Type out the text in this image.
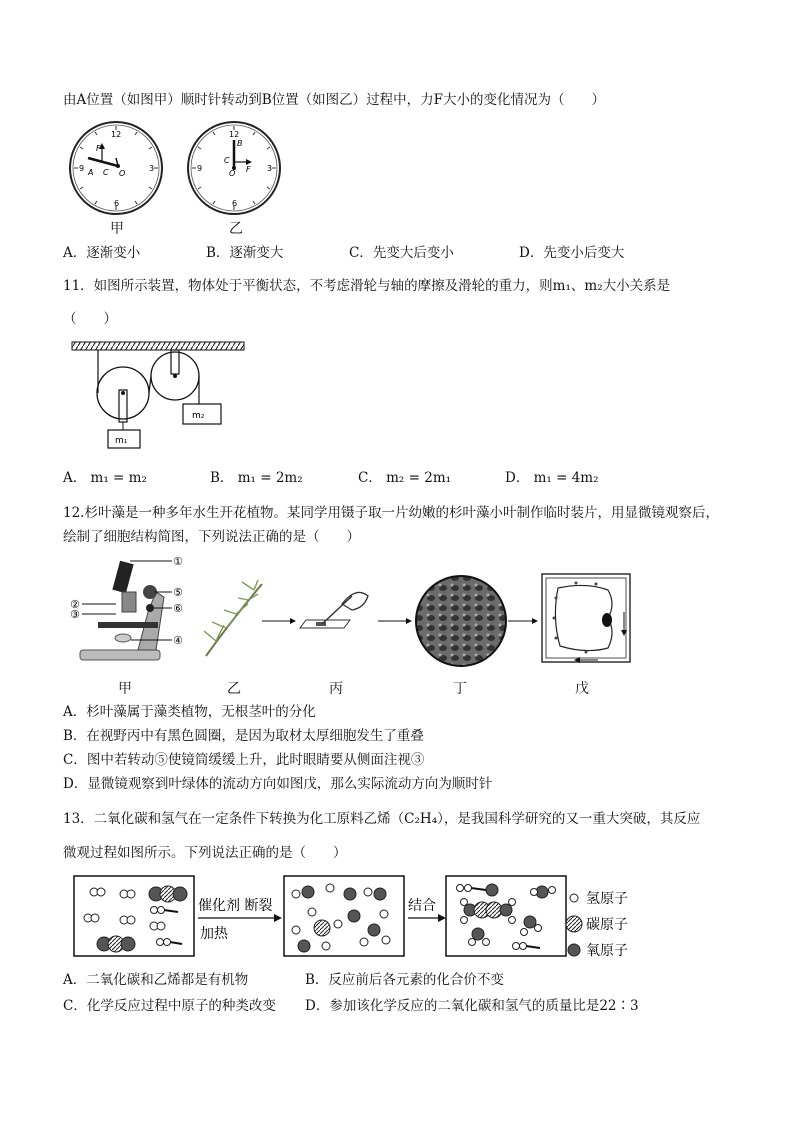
由A位置（如图甲）顺时针转动到B位置（如图乙）过程中，力F大小的变化情况为（　　）
12
3
6
9
F
A C O
12
3
6
9
B
C
O F
甲	乙
A．逐渐变小	B．逐渐变大	C．先变大后变小	D．先变小后变大
11．如图所示装置，物体处于平衡状态，不考虑滑轮与轴的摩擦及滑轮的重力，则m₁、m₂大小关系是
（　　）
m₁
m₂
A． m₁ = m₂	B． m₁ = 2m₂	C． m₂ = 2m₁	D． m₁ = 4m₂
12.杉叶藻是一种多年水生开花植物。某同学用镊子取一片幼嫩的杉叶藻小叶制作临时装片，用显微镜观察后，
绘制了细胞结构简图，下列说法正确的是（　　）
①
②
③
④
⑤
⑥
甲	乙	丙	丁	戊
A．杉叶藻属于藻类植物，无根茎叶的分化
B．在视野丙中有黑色圆圈，是因为取材太厚细胞发生了重叠
C．图中若转动⑤使镜筒缓缓上升，此时眼睛要从侧面注视③
D．显微镜观察到叶绿体的流动方向如图戊，那么实际流动方向为顺时针
13．二氧化碳和氢气在一定条件下转换为化工原料乙烯（C₂H₄），是我国科学研究的又一重大突破，其反应
微观过程如图所示。下列说法正确的是（　　）
催化剂 断裂
加热
结合	氢原子
碳原子
氧原子
A．二氧化碳和乙烯都是有机物	B．反应前后各元素的化合价不变
C．化学反应过程中原子的种类改变 D．参加该化学反应的二氧化碳和氢气的质量比是22∶3
